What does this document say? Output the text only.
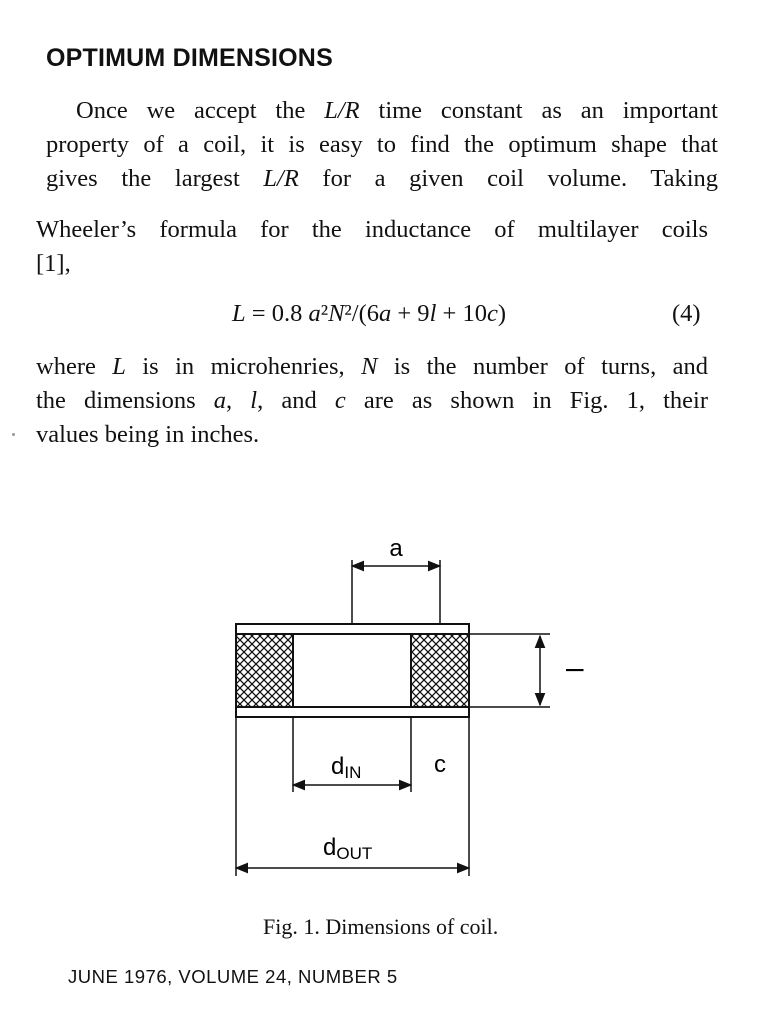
OPTIMUM DIMENSIONS
Once we accept the L/R time constant as an important
property of a coil, it is easy to find the optimum shape that
gives the largest L/R for a given coil volume. Taking
Wheeler’s formula for the inductance of multilayer coils
[1],
L = 0.8 a²N²/(6a + 9l + 10c)	(4)
where L is in microhenries, N is the number of turns, and
the dimensions a, l, and c are as shown in Fig. 1, their
values being in inches.
a
l
dIN	c
dOUT
Fig. 1. Dimensions of coil.
JUNE 1976, VOLUME 24, NUMBER 5
